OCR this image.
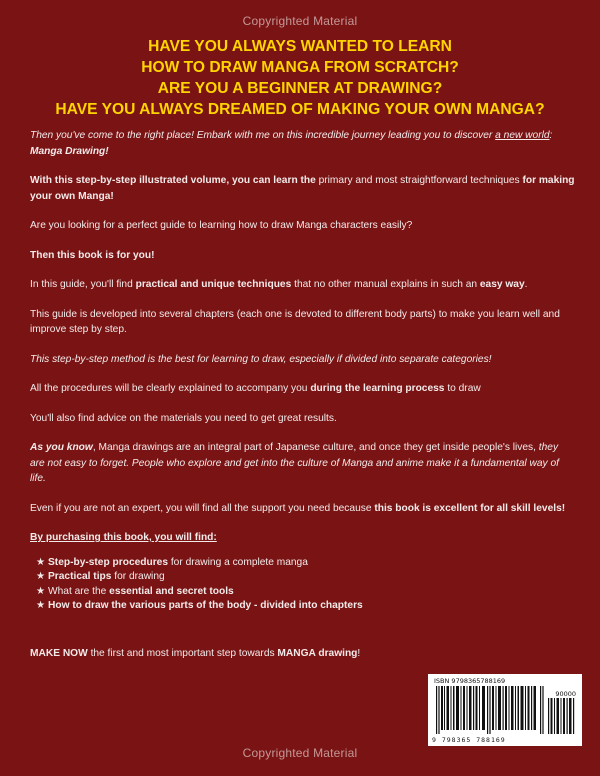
Copyrighted Material
HAVE YOU ALWAYS WANTED TO LEARN
HOW TO DRAW MANGA FROM SCRATCH?
ARE YOU A BEGINNER AT DRAWING?
HAVE YOU ALWAYS DREAMED OF MAKING YOUR OWN MANGA?

Then you've come to the right place! Embark with me on this incredible journey leading you to discover a new world: Manga Drawing!

With this step-by-step illustrated volume, you can learn the primary and most straightforward techniques for making your own Manga!

Are you looking for a perfect guide to learning how to draw Manga characters easily?

Then this book is for you!

In this guide, you'll find practical and unique techniques that no other manual explains in such an easy way.

This guide is developed into several chapters (each one is devoted to different body parts) to make you learn well and improve step by step.

This step-by-step method is the best for learning to draw, especially if divided into separate categories!

All the procedures will be clearly explained to accompany you during the learning process to draw

You'll also find advice on the materials you need to get great results.

As you know, Manga drawings are an integral part of Japanese culture, and once they get inside people's lives, they are not easy to forget. People who explore and get into the culture of Manga and anime make it a fundamental way of life.

Even if you are not an expert, you will find all the support you need because this book is excellent for all skill levels!

By purchasing this book, you will find:

★ Step-by-step procedures for drawing a complete manga
★ Practical tips for drawing
★ What are the essential and secret tools
★ How to draw the various parts of the body - divided into chapters
MAKE NOW the first and most important step towards MANGA drawing!
ISBN 9798365788169
90000
9 798365 788169
Copyrighted Material
